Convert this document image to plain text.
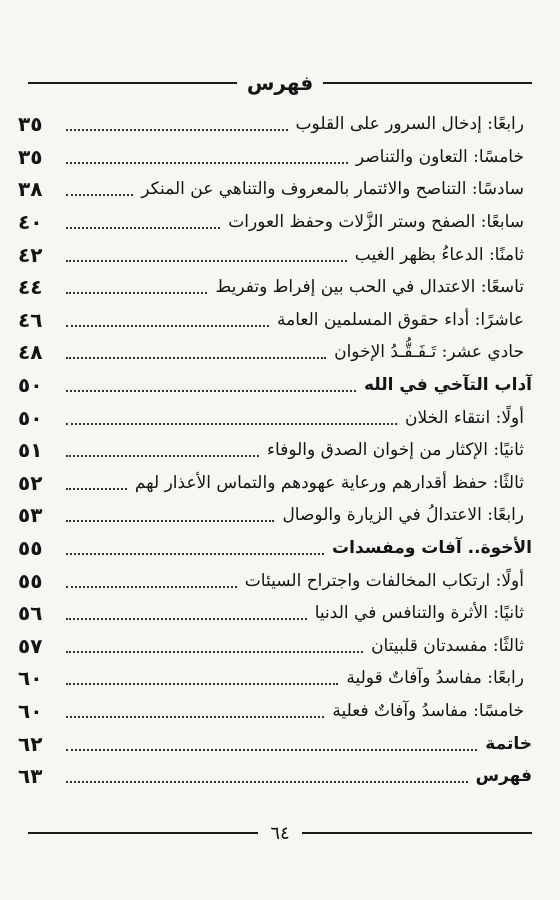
فهرس
رابعًا: إدخال السرور على القلوب
٣٥
خامسًا: التعاون والتناصر
٣٥
سادسًا: التناصح والائتمار بالمعروف والتناهي عن المنكر
٣٨
سابعًا: الصفح وستر الزَّلات وحفظ العورات
٤٠
ثامنًا: الدعاءُ بظهر الغيب
٤٢
تاسعًا: الاعتدال في الحب بين إفراط وتفريط
٤٤
عاشرًا: أداء حقوق المسلمين العامة
٤٦
حادي عشر: تَـفَـقُّـدُ الإخوان
٤٨
آداب التآخي في الله
٥٠
أولًا: انتقاء الخلان
٥٠
ثانيًا: الإكثار من إخوان الصدق والوفاء
٥١
ثالثًا: حفظ أقدارهم ورعاية عهودهم والتماس الأعذار لهم
٥٢
رابعًا: الاعتدالُ في الزيارة والوصال
٥٣
الأخوة.. آفات ومفسدات
٥٥
أولًا: ارتكاب المخالفات واجتراح السيئات
٥٥
ثانيًا: الأثرة والتنافس في الدنيا
٥٦
ثالثًا: مفسدتان قلبيتان
٥٧
رابعًا: مفاسدُ وآفاتٌ قولية
٦٠
خامسًا: مفاسدُ وآفاتٌ فعلية
٦٠
خاتمة
٦٢
فهرس
٦٣
٦٤
